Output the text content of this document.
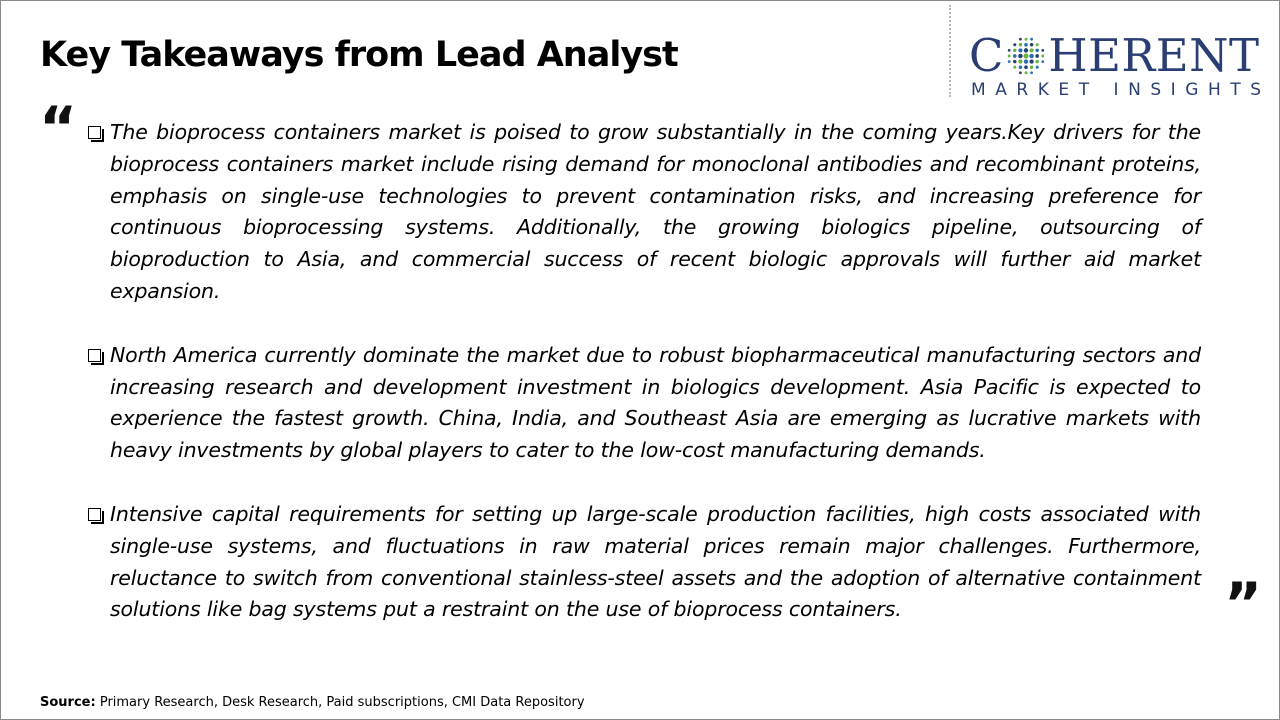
Key Takeaways from Lead Analyst	C H E R E N T
M A R K E T
I N S I G H T S
“	The bioprocess containers market is poised to grow substantially in the coming years.Key drivers for the bioprocess containers market include rising demand for monoclonal antibodies and recombinant proteins, emphasis on single-use technologies to prevent contamination risks, and increasing preference for continuous bioprocessing systems. Additionally, the growing biologics pipeline, outsourcing of bioproduction to Asia, and commercial success of recent biologic approvals will further aid market expansion.
North America currently dominate the market due to robust biopharmaceutical manufacturing sectors and increasing research and development investment in biologics development. Asia Pacific is expected to experience the fastest growth. China, India, and Southeast Asia are emerging as lucrative markets with heavy investments by global players to cater to the low-cost manufacturing demands.
Intensive capital requirements for setting up large-scale production facilities, high costs associated with single-use systems, and fluctuations in raw material prices remain major challenges. Furthermore, reluctance to switch from conventional stainless-steel assets and the adoption of alternative containment solutions like bag systems put a restraint on the use of bioprocess containers.	”
Source: Primary Research, Desk Research, Paid subscriptions, CMI Data Repository
